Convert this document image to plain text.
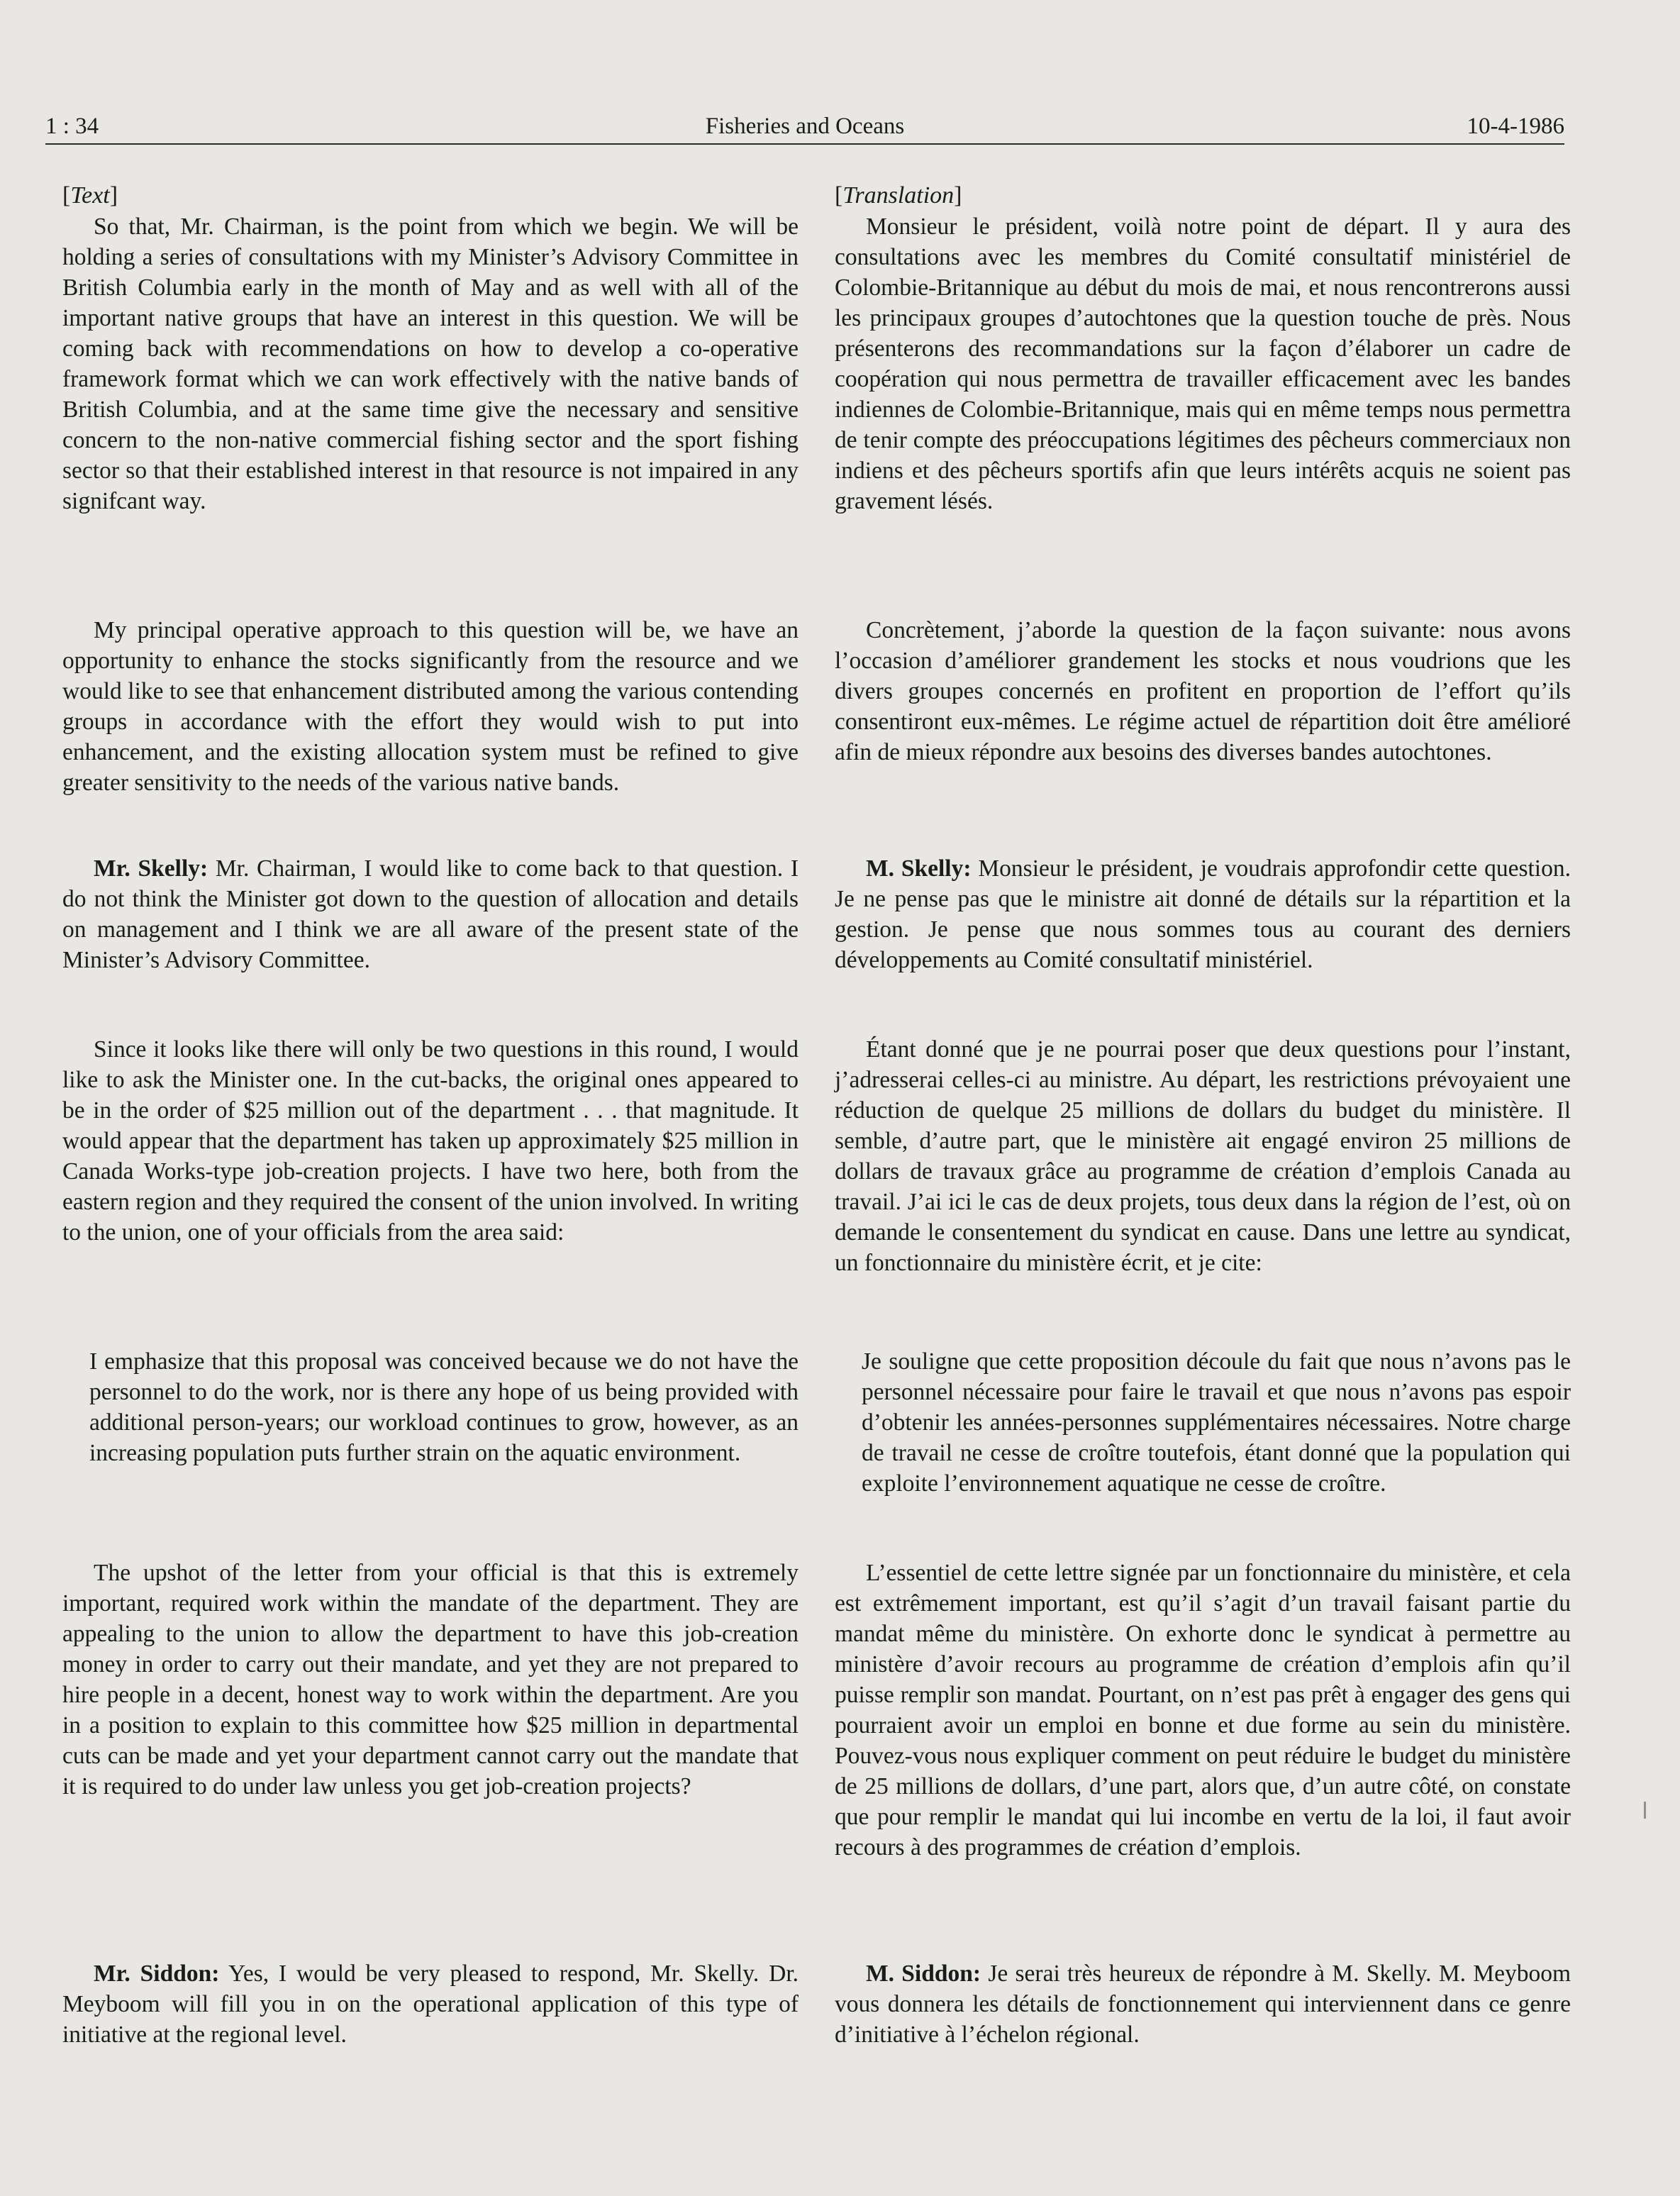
1 : 34	Fisheries and Oceans	10-4-1986
[Text]
So that, Mr. Chairman, is the point from which we begin. We will be holding a series of consultations with my Minister’s Advisory Committee in British Columbia early in the month of May and as well with all of the important native groups that have an interest in this question. We will be coming back with recommendations on how to develop a co-operative framework format which we can work effectively with the native bands of British Columbia, and at the same time give the necessary and sensitive concern to the non-native commercial fishing sector and the sport fishing sector so that their established interest in that resource is not impaired in any signifcant way.
My principal operative approach to this question will be, we have an opportunity to enhance the stocks significantly from the resource and we would like to see that enhancement distributed among the various contending groups in accordance with the effort they would wish to put into enhancement, and the existing allocation system must be refined to give greater sensitivity to the needs of the various native bands.
Mr. Skelly: Mr. Chairman, I would like to come back to that question. I do not think the Minister got down to the question of allocation and details on management and I think we are all aware of the present state of the Minister’s Advisory Committee.
Since it looks like there will only be two questions in this round, I would like to ask the Minister one. In the cut-backs, the original ones appeared to be in the order of $25 million out of the department . . . that magnitude. It would appear that the department has taken up approximately $25 million in Canada Works-type job-creation projects. I have two here, both from the eastern region and they required the consent of the union involved. In writing to the union, one of your officials from the area said:
I emphasize that this proposal was conceived because we do not have the personnel to do the work, nor is there any hope of us being provided with additional person-years; our workload continues to grow, however, as an increasing population puts further strain on the aquatic environment.
The upshot of the letter from your official is that this is extremely important, required work within the mandate of the department. They are appealing to the union to allow the department to have this job-creation money in order to carry out their mandate, and yet they are not prepared to hire people in a decent, honest way to work within the department. Are you in a position to explain to this committee how $25 million in departmental cuts can be made and yet your department cannot carry out the mandate that it is required to do under law unless you get job-creation projects?
Mr. Siddon: Yes, I would be very pleased to respond, Mr. Skelly. Dr. Meyboom will fill you in on the operational application of this type of initiative at the regional level.
[Translation]
Monsieur le président, voilà notre point de départ. Il y aura des consultations avec les membres du Comité consultatif ministériel de Colombie-Britannique au début du mois de mai, et nous rencontrerons aussi les principaux groupes d’autochtones que la question touche de près. Nous présenterons des recommandations sur la façon d’élaborer un cadre de coopération qui nous permettra de travailler efficacement avec les bandes indiennes de Colombie-Britannique, mais qui en même temps nous permettra de tenir compte des préoccupations légitimes des pêcheurs commerciaux non indiens et des pêcheurs sportifs afin que leurs intérêts acquis ne soient pas gravement lésés.
Concrètement, j’aborde la question de la façon suivante: nous avons l’occasion d’améliorer grandement les stocks et nous voudrions que les divers groupes concernés en profitent en proportion de l’effort qu’ils consentiront eux-mêmes. Le régime actuel de répartition doit être amélioré afin de mieux répondre aux besoins des diverses bandes autochtones.
M. Skelly: Monsieur le président, je voudrais approfondir cette question. Je ne pense pas que le ministre ait donné de détails sur la répartition et la gestion. Je pense que nous sommes tous au courant des derniers développements au Comité consultatif ministériel.
Étant donné que je ne pourrai poser que deux questions pour l’instant, j’adresserai celles-ci au ministre. Au départ, les restrictions prévoyaient une réduction de quelque 25 millions de dollars du budget du ministère. Il semble, d’autre part, que le ministère ait engagé environ 25 millions de dollars de travaux grâce au programme de création d’emplois Canada au travail. J’ai ici le cas de deux projets, tous deux dans la région de l’est, où on demande le consentement du syndicat en cause. Dans une lettre au syndicat, un fonctionnaire du ministère écrit, et je cite:
Je souligne que cette proposition découle du fait que nous n’avons pas le personnel nécessaire pour faire le travail et que nous n’avons pas espoir d’obtenir les années-personnes supplémentaires nécessaires. Notre charge de travail ne cesse de croître toutefois, étant donné que la population qui exploite l’environnement aquatique ne cesse de croître.
L’essentiel de cette lettre signée par un fonctionnaire du ministère, et cela est extrêmement important, est qu’il s’agit d’un travail faisant partie du mandat même du ministère. On exhorte donc le syndicat à permettre au ministère d’avoir recours au programme de création d’emplois afin qu’il puisse remplir son mandat. Pourtant, on n’est pas prêt à engager des gens qui pourraient avoir un emploi en bonne et due forme au sein du ministère. Pouvez-vous nous expliquer comment on peut réduire le budget du ministère de 25 millions de dollars, d’une part, alors que, d’un autre côté, on constate que pour remplir le mandat qui lui incombe en vertu de la loi, il faut avoir recours à des programmes de création d’emplois.
M. Siddon: Je serai très heureux de répondre à M. Skelly. M. Meyboom vous donnera les détails de fonctionnement qui interviennent dans ce genre d’initiative à l’échelon régional.
